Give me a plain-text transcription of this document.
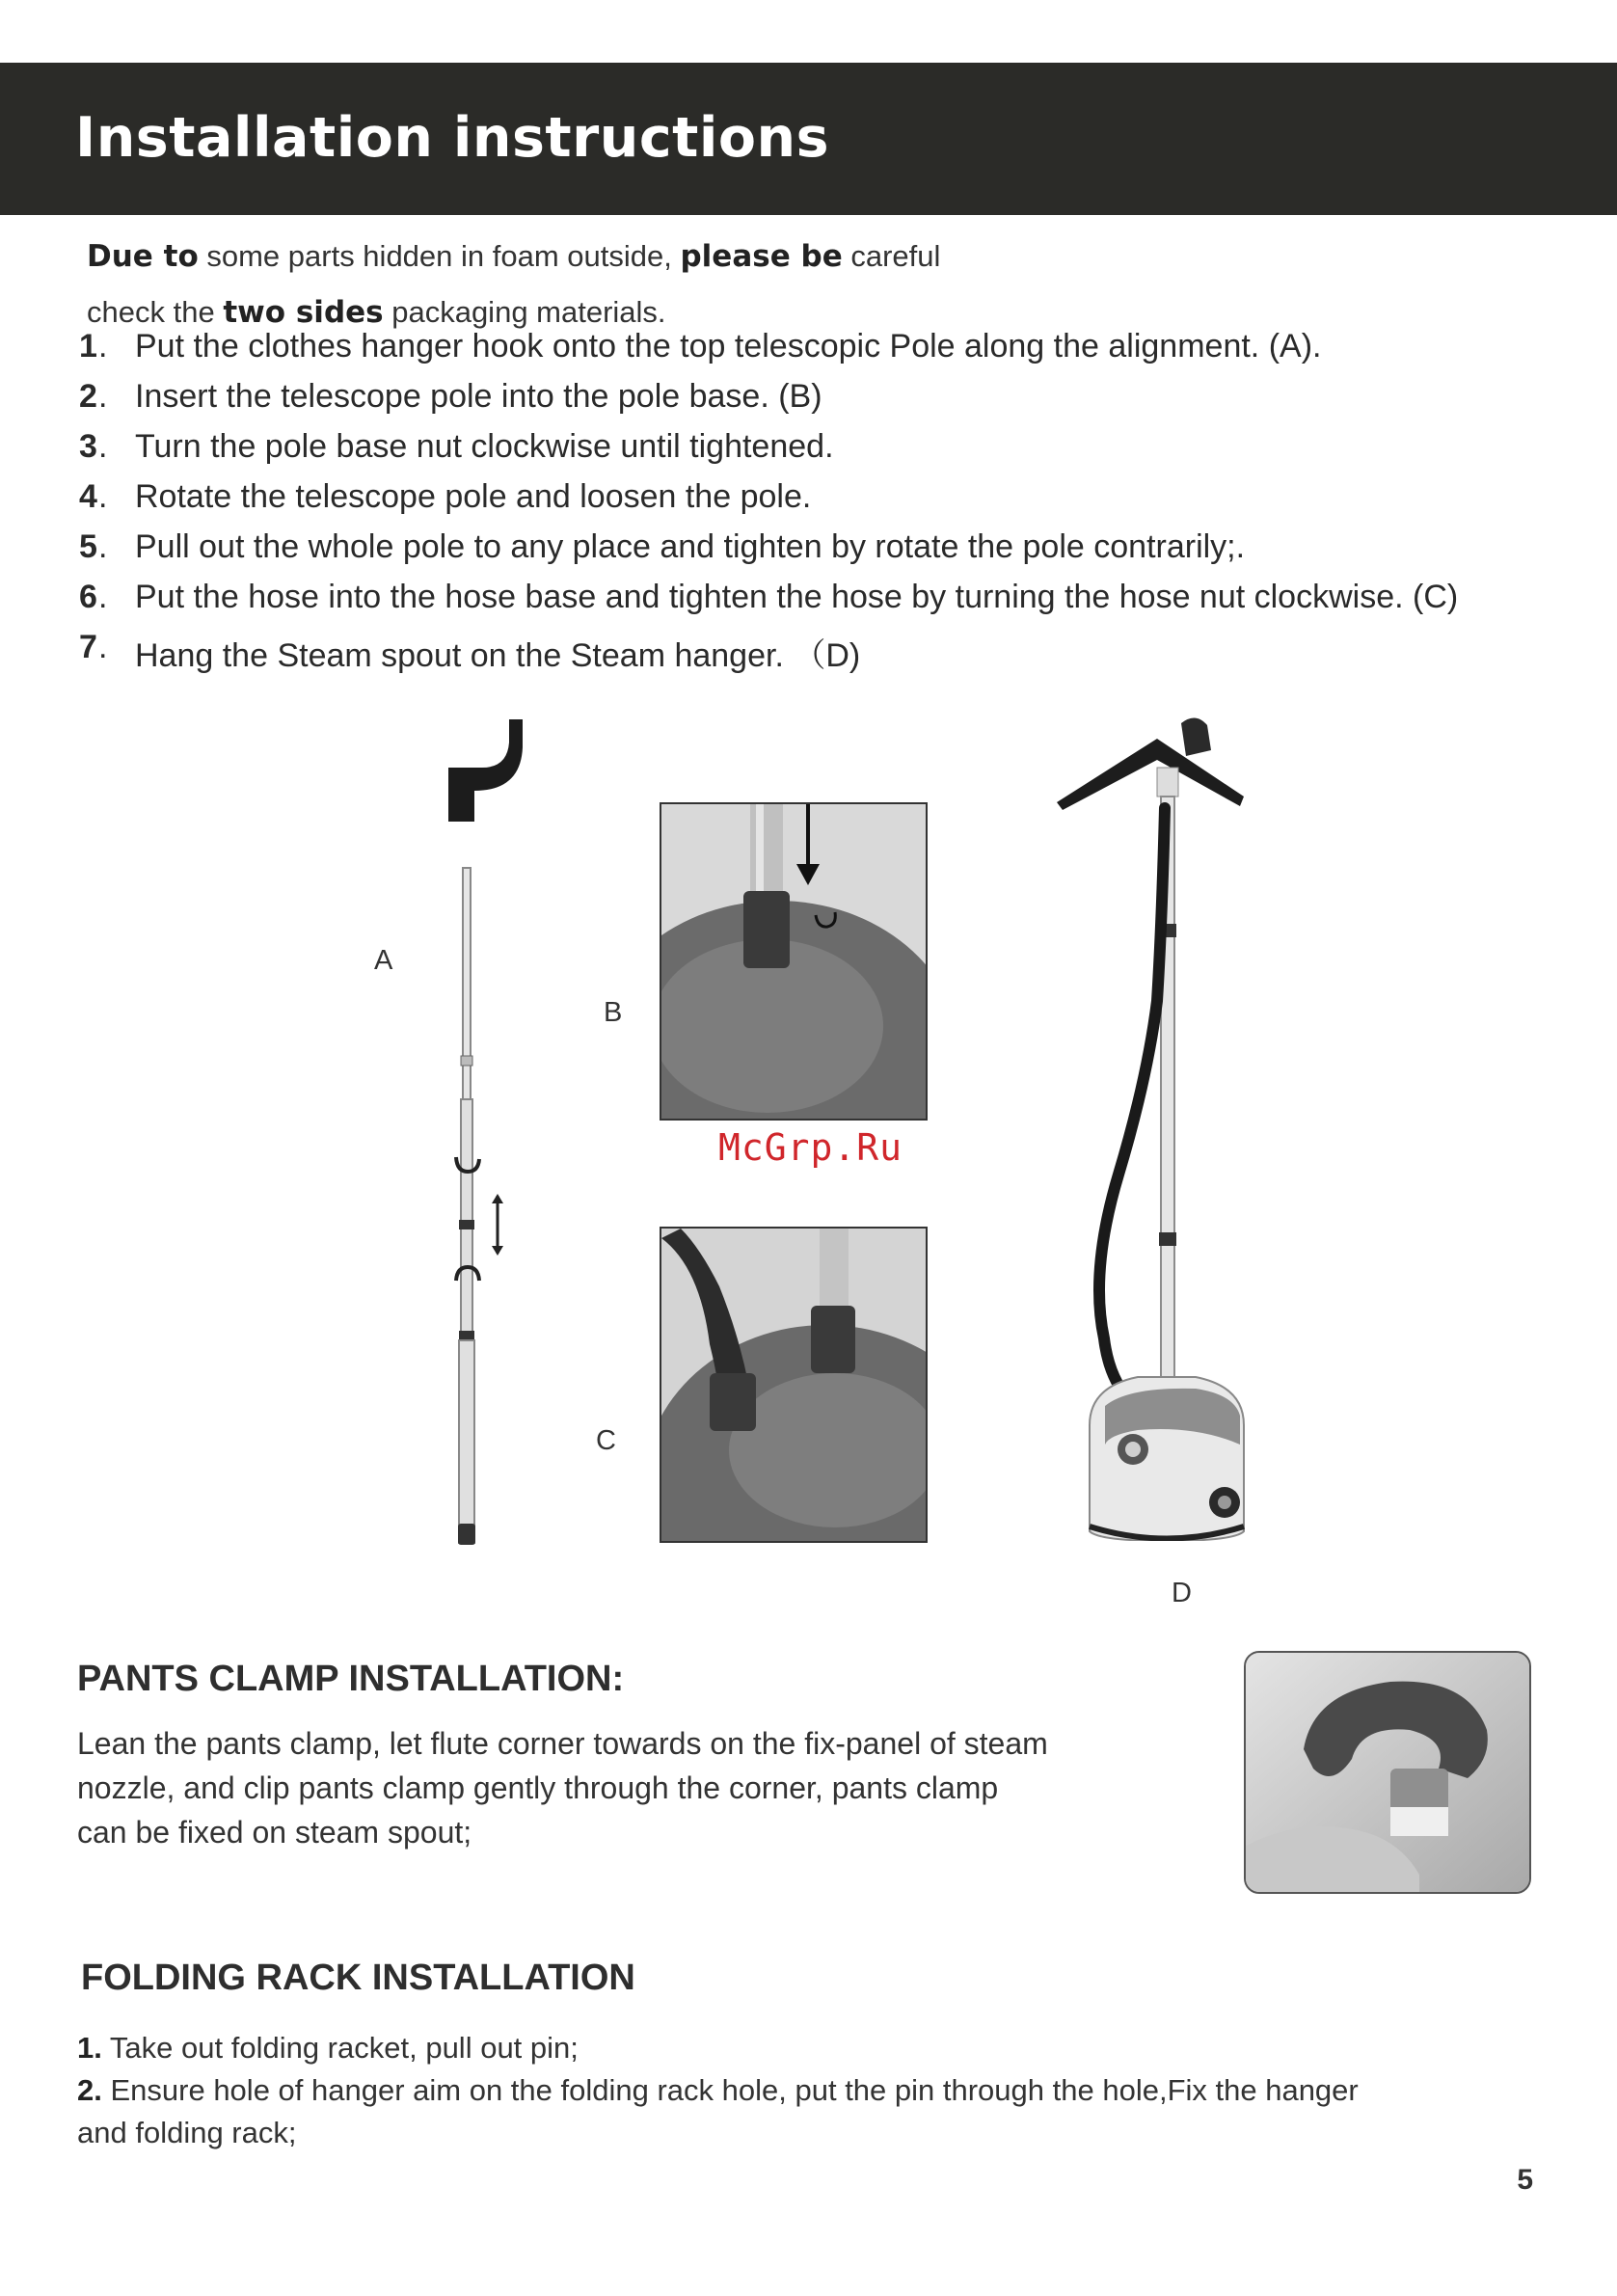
Installation instructions
Due to some parts hidden in foam outside, please be careful
check the two sides packaging materials.
1 . Put the clothes hanger hook onto the top telescopic Pole along the alignment. (A).
2 . Insert the telescope pole into the pole base. (B)
3 . Turn the pole base nut clockwise until tightened.
4 . Rotate the telescope pole and loosen the pole.
5 . Pull out the whole pole to any place and tighten by rotate the pole contrarily;.
6 . Put the hose into the hose base and tighten the hose by turning the hose nut clockwise. (C)
7 . Hang the Steam spout on the Steam hanger. （D)
A
B
McGrp.Ru
C
D
PANTS CLAMP INSTALLATION:

Lean the pants clamp, let flute corner towards on the fix-panel of steam

nozzle, and clip pants clamp gently through the corner, pants clamp

can be fixed on steam spout;

FOLDING RACK INSTALLATION

1. Take out folding racket, pull out pin;

2. Ensure hole of hanger aim on the folding rack hole, put the pin through the hole,Fix the hanger

and folding rack;

5
